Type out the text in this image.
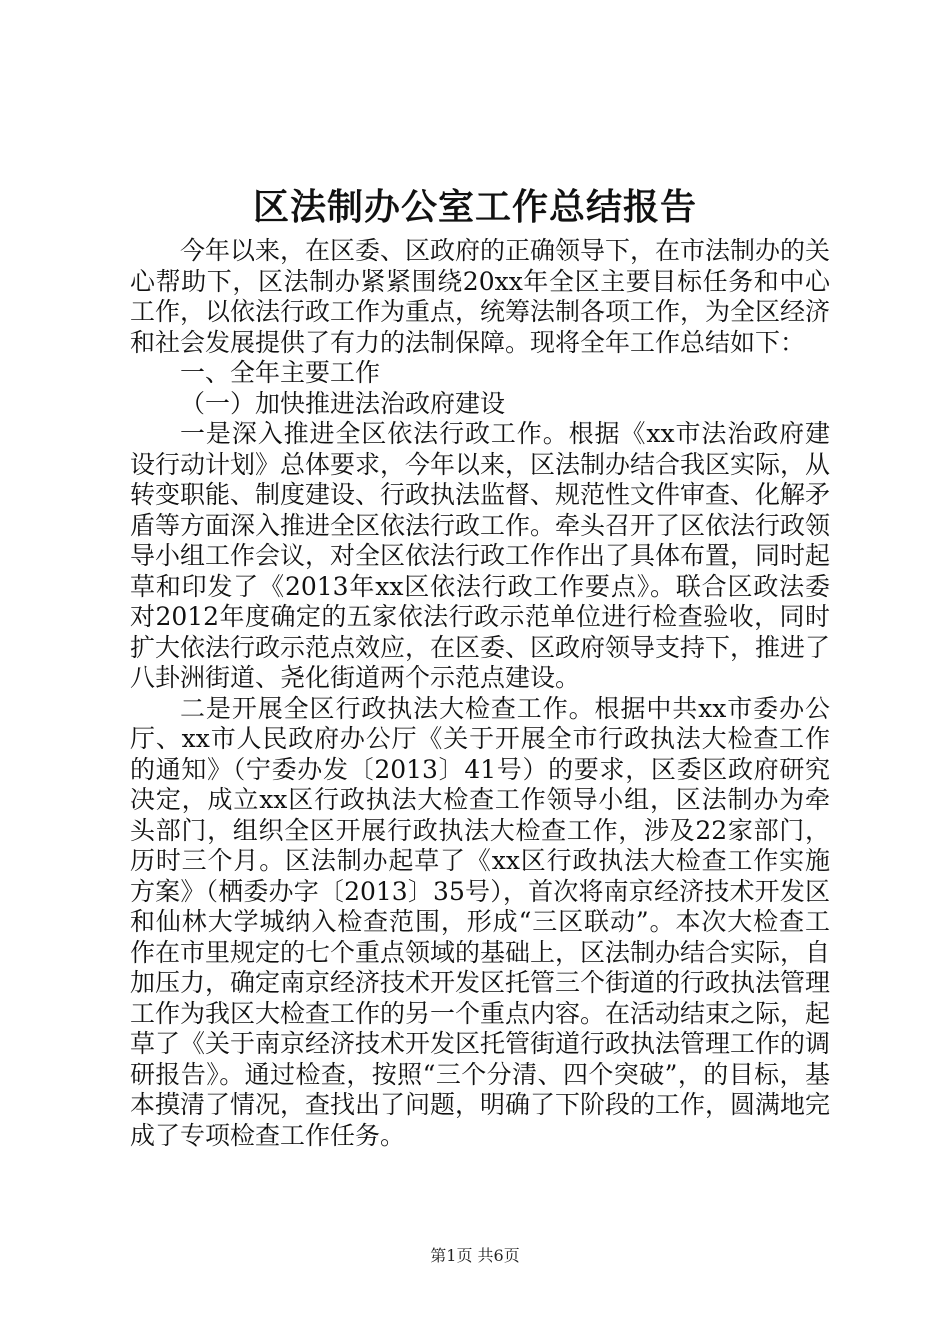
区法制办公室工作总结报告

今年以来，在区委、区政府的正确领导下，在市法制办的关心帮助下，区法制办紧紧围绕20xx年全区主要目标任务和中心工作，以依法行政工作为重点，统筹法制各项工作，为全区经济和社会发展提供了有力的法制保障。现将全年工作总结如下：

一、全年主要工作

（一）加快推进法治政府建设

一是深入推进全区依法行政工作。根据《xx市法治政府建设行动计划》总体要求，今年以来，区法制办结合我区实际，从转变职能、制度建设、行政执法监督、规范性文件审查、化解矛盾等方面深入推进全区依法行政工作。牵头召开了区依法行政领导小组工作会议，对全区依法行政工作作出了具体布置，同时起草和印发了《2013年xx区依法行政工作要点》。联合区政法委对2012年度确定的五家依法行政示范单位进行检查验收，同时扩大依法行政示范点效应，在区委、区政府领导支持下，推进了八卦洲街道、尧化街道两个示范点建设。

二是开展全区行政执法大检查工作。根据中共xx市委办公厅、xx市人民政府办公厅《关于开展全市行政执法大检查工作的通知》（宁委办发〔2013〕41号）的要求，区委区政府研究决定，成立xx区行政执法大检查工作领导小组，区法制办为牵头部门，组织全区开展行政执法大检查工作，涉及22家部门，历时三个月。区法制办起草了《xx区行政执法大检查工作实施方案》（栖委办字〔2013〕35号），首次将南京经济技术开发区和仙林大学城纳入检查范围，形成“三区联动”。本次大检查工作在市里规定的七个重点领域的基础上，区法制办结合实际，自加压力，确定南京经济技术开发区托管三个街道的行政执法管理工作为我区大检查工作的另一个重点内容。在活动结束之际，起草了《关于南京经济技术开发区托管街道行政执法管理工作的调研报告》。通过检查，按照“三个分清、四个突破”，的目标，基本摸清了情况，查找出了问题，明确了下阶段的工作，圆满地完成了专项检查工作任务。

第1页 共6页
